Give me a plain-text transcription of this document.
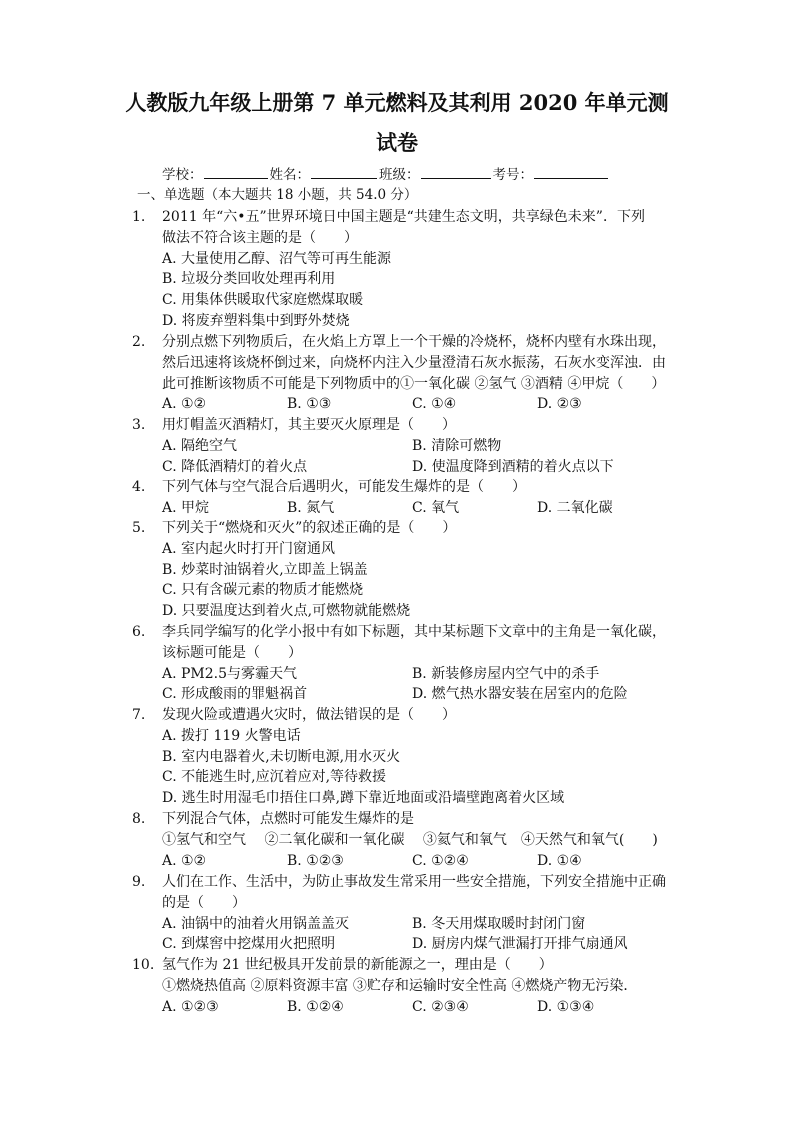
人教版九年级上册第 7 单元燃料及其利用 2020 年单元测
试卷
学校：	姓名：	班级：	考号：
一、单选题（本大题共 18 小题，共 54.0 分）
1.	2011 年“六•五”世界环境日中国主题是“共建生态文明，共享绿色未来”．下列
做法不符合该主题的是（　　）
A. 大量使用乙醇、沼气等可再生能源
B. 垃圾分类回收处理再利用
C. 用集体供暖取代家庭燃煤取暖
D. 将废弃塑料集中到野外焚烧
2.	分别点燃下列物质后，在火焰上方罩上一个干燥的冷烧杯，烧杯内壁有水珠出现，
然后迅速将该烧杯倒过来，向烧杯内注入少量澄清石灰水振荡，石灰水变浑浊．由
此可推断该物质不可能是下列物质中的①一氧化碳 ②氢气 ③酒精 ④甲烷（　　）
A. ①②	B. ①③	C. ①④	D. ②③
3.	用灯帽盖灭酒精灯，其主要灭火原理是（　　）
A. 隔绝空气	B. 清除可燃物
C. 降低酒精灯的着火点	D. 使温度降到酒精的着火点以下
4.	下列气体与空气混合后遇明火，可能发生爆炸的是（　　）
A. 甲烷	B. 氮气	C. 氧气	D. 二氧化碳
5.	下列关于“燃烧和灭火”的叙述正确的是（　　）
A. 室内起火时打开门窗通风
B. 炒菜时油锅着火,立即盖上锅盖
C. 只有含碳元素的物质才能燃烧
D. 只要温度达到着火点,可燃物就能燃烧
6.	李兵同学编写的化学小报中有如下标题，其中某标题下文章中的主角是一氧化碳，
该标题可能是（　　）
A. PM2.5与雾霾天气	B. 新装修房屋内空气中的杀手
C. 形成酸雨的罪魁祸首	D. 燃气热水器安装在居室内的危险
7.	发现火险或遭遇火灾时，做法错误的是（　　）
A. 拨打 119 火警电话
B. 室内电器着火,未切断电源,用水灭火
C. 不能逃生时,应沉着应对,等待救援
D. 逃生时用湿毛巾捂住口鼻,蹲下靠近地面或沿墙壁跑离着火区域
8.	下列混合气体，点燃时可能发生爆炸的是
①氢气和空气　 ②二氧化碳和一氧化碳　 ③氦气和氧气　④天然气和氧气(　　)
A. ①②	B. ①②③	C. ①②④	D. ①④
9.	人们在工作、生活中，为防止事故发生常采用一些安全措施，下列安全措施中正确
的是（　　）
A. 油锅中的油着火用锅盖盖灭	B. 冬天用煤取暖时封闭门窗
C. 到煤窖中挖煤用火把照明	D. 厨房内煤气泄漏打开排气扇通风
10. 氢气作为 21 世纪极具开发前景的新能源之一，理由是（　　）
①燃烧热值高 ②原料资源丰富 ③贮存和运输时安全性高 ④燃烧产物无污染．
A. ①②③	B. ①②④	C. ②③④	D. ①③④
